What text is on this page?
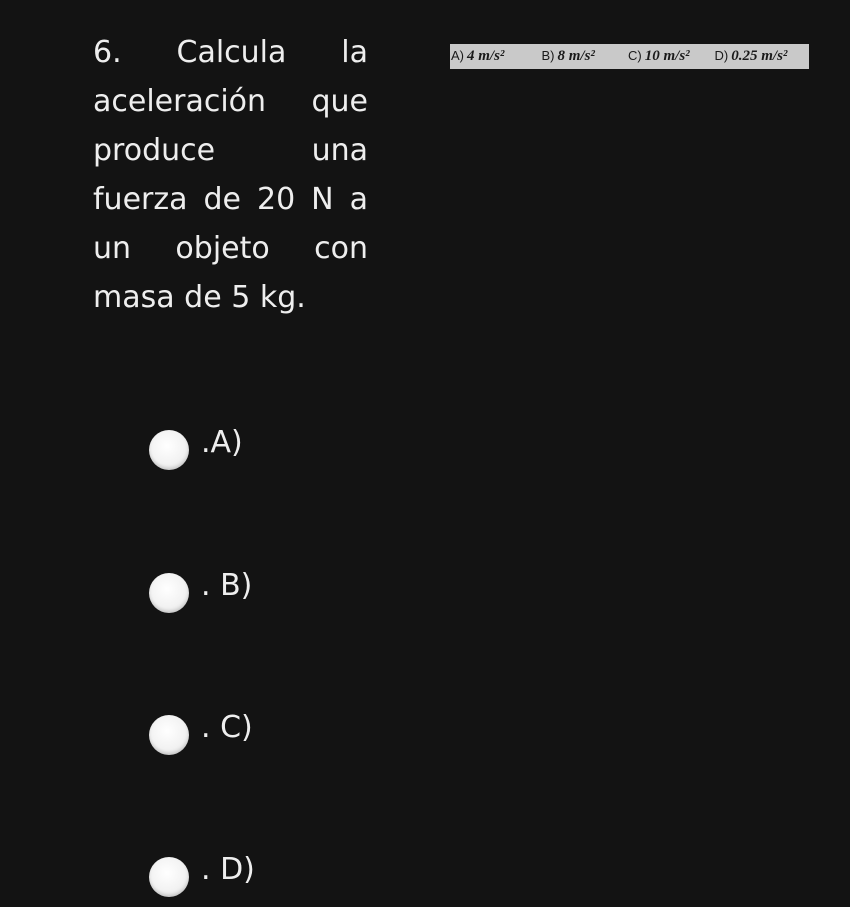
6. Calcula la aceleración que produce una fuerza de 20 N a un objeto con masa de 5 kg.

A) 4 m/s²	B) 8 m/s²	C) 10 m/s² D) 0.25 m/s²
.A)
. B)
. C)
. D)
